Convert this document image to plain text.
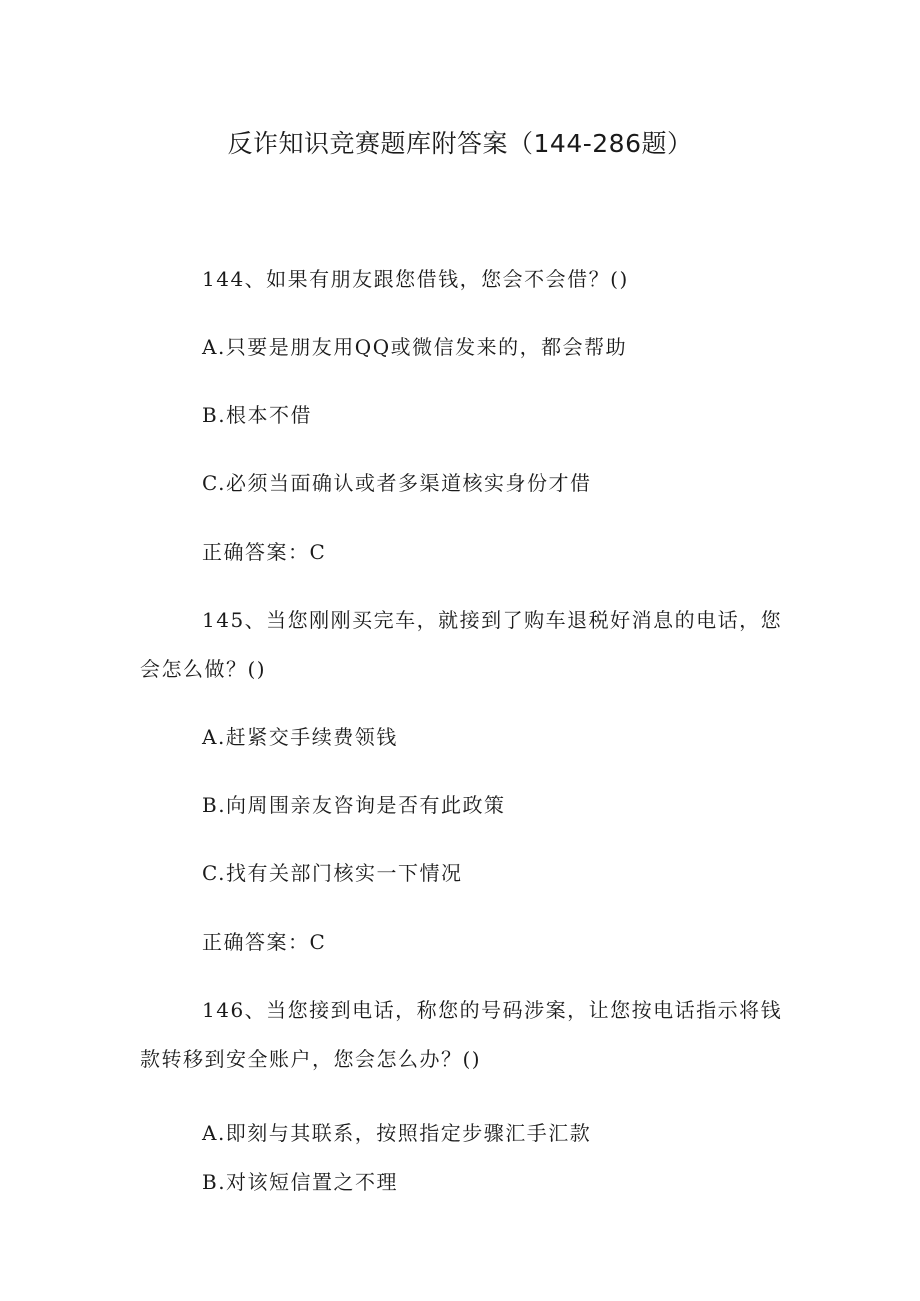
反诈知识竞赛题库附答案（144-286题）
144、如果有朋友跟您借钱，您会不会借？()
A.只要是朋友用QQ或微信发来的，都会帮助
B.根本不借
C.必须当面确认或者多渠道核实身份才借
正确答案：C
145、当您刚刚买完车，就接到了购车退税好消息的电话，您
会怎么做？()
A.赶紧交手续费领钱
B.向周围亲友咨询是否有此政策
C.找有关部门核实一下情况
正确答案：C
146、当您接到电话，称您的号码涉案，让您按电话指示将钱
款转移到安全账户，您会怎么办？()
A.即刻与其联系，按照指定步骤汇手汇款
B.对该短信置之不理
